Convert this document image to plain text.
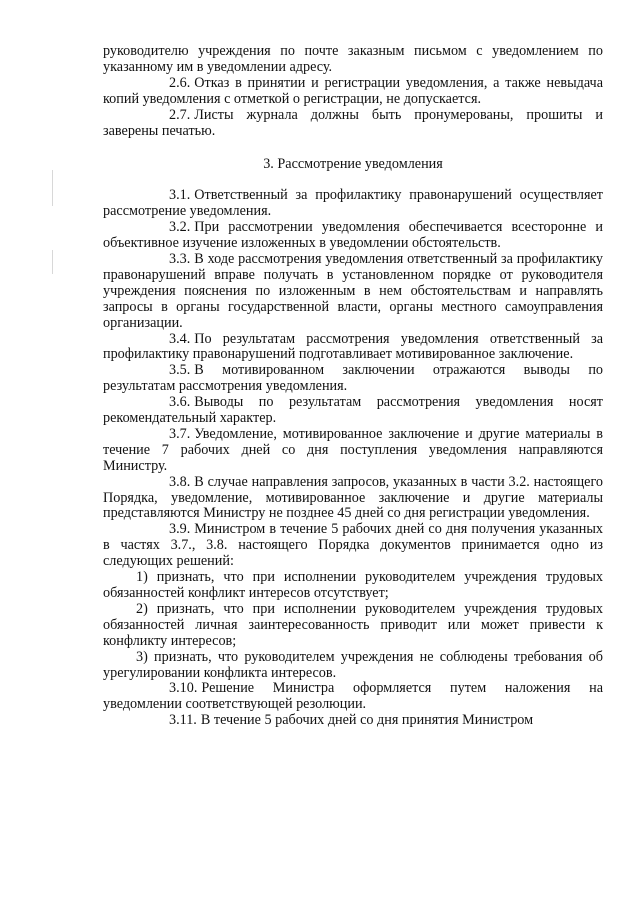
руководителю учреждения по почте заказным письмом с уведомлением по указанному им в уведомлении адресу.

2.6. Отказ в принятии и регистрации уведомления, а также невыдача копий уведомления с отметкой о регистрации, не допускается.

2.7. Листы журнала должны быть пронумерованы, прошиты и заверены печатью.

3. Рассмотрение уведомления

3.1. Ответственный за профилактику правонарушений осуществляет рассмотрение уведомления.

3.2. При рассмотрении уведомления обеспечивается всесторонне и объективное изучение изложенных в уведомлении обстоятельств.

3.3. В ходе рассмотрения уведомления ответственный за профилактику правонарушений вправе получать в установленном порядке от руководителя учреждения пояснения по изложенным в нем обстоятельствам и направлять запросы в органы государственной власти, органы местного самоуправления организации.

3.4. По результатам рассмотрения уведомления ответственный за профилактику правонарушений подготавливает мотивированное заключение.

3.5. В мотивированном заключении отражаются выводы по результатам рассмотрения уведомления.

3.6. Выводы по результатам рассмотрения уведомления носят рекомендательный характер.

3.7. Уведомление, мотивированное заключение и другие материалы в течение 7 рабочих дней со дня поступления уведомления направляются Министру.

3.8. В случае направления запросов, указанных в части 3.2. настоящего Порядка, уведомление, мотивированное заключение и другие материалы представляются Министру не позднее 45 дней со дня регистрации уведомления.

3.9. Министром в течение 5 рабочих дней со дня получения указанных в частях 3.7., 3.8. настоящего Порядка документов принимается одно из следующих решений:

1) признать, что при исполнении руководителем учреждения трудовых обязанностей конфликт интересов отсутствует;

2) признать, что при исполнении руководителем учреждения трудовых обязанностей личная заинтересованность приводит или может привести к конфликту интересов;

3) признать, что руководителем учреждения не соблюдены требования об урегулировании конфликта интересов.

3.10. Решение Министра оформляется путем наложения на уведомлении соответствующей резолюции.

3.11. В течение 5 рабочих дней со дня принятия Министром
